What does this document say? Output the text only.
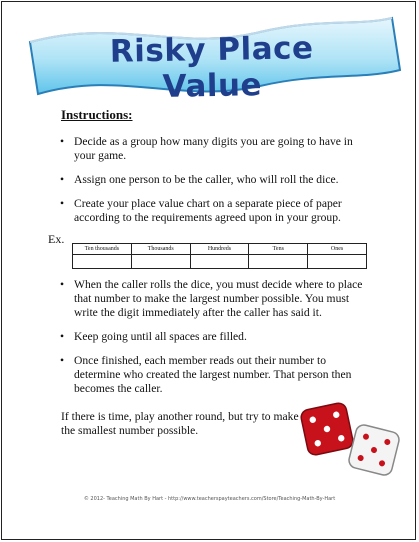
Risky Place Value
Instructions:
• Decide as a group how many digits you are going to have in your game.
• Assign one person to be the caller, who will roll the dice.
• Create your place value chart on a separate piece of paper according to the requirements agreed upon in your group.
Ex.
Ten thousands	Thousands	Hundreds	Tens	Ones

• When the caller rolls the dice, you must decide where to place that number to make the largest number possible. You must write the digit immediately after the caller has said it.
• Keep going until all spaces are filled.
• Once finished, each member reads out their number to determine who created the largest number. That person then becomes the caller.
If there is time, play another round, but try to make the smallest number possible.
© 2012- Teaching Math By Hart - http://www.teacherspayteachers.com/Store/Teaching-Math-By-Hart
